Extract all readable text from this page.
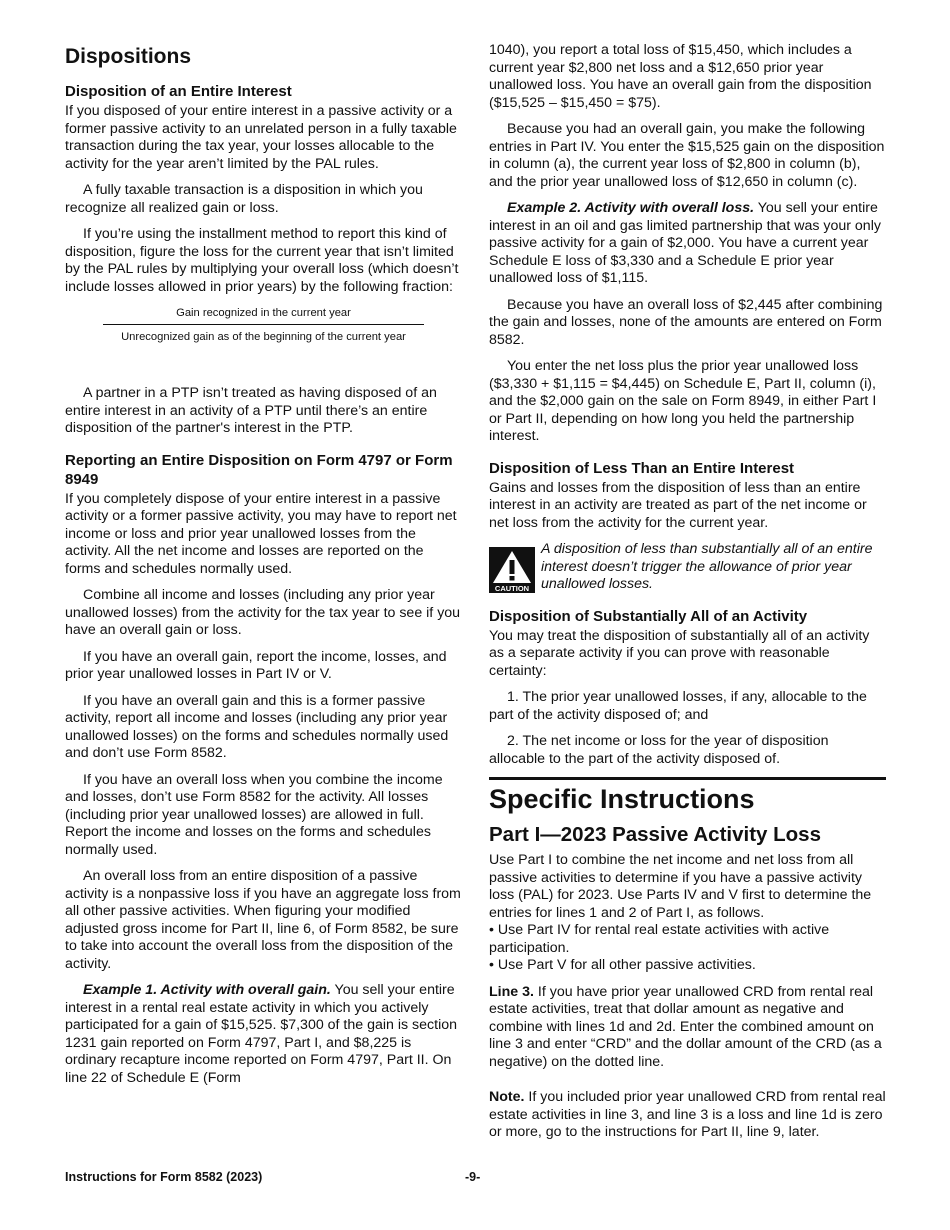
Dispositions
Disposition of an Entire Interest

If you disposed of your entire interest in a passive activity or a former passive activity to an unrelated person in a fully taxable transaction during the tax year, your losses allocable to the activity for the year aren’t limited by the PAL rules.

A fully taxable transaction is a disposition in which you recognize all realized gain or loss.

If you’re using the installment method to report this kind of disposition, figure the loss for the current year that isn’t limited by the PAL rules by multiplying your overall loss (which doesn’t include losses allowed in prior years) by the following fraction:

Gain recognized in the current year
Unrecognized gain as of the beginning of the current year

A partner in a PTP isn’t treated as having disposed of an entire interest in an activity of a PTP until there’s an entire disposition of the partner's interest in the PTP.

Reporting an Entire Disposition on Form 4797 or Form 8949

If you completely dispose of your entire interest in a passive activity or a former passive activity, you may have to report net income or loss and prior year unallowed losses from the activity. All the net income and losses are reported on the forms and schedules normally used.

Combine all income and losses (including any prior year unallowed losses) from the activity for the tax year to see if you have an overall gain or loss.

If you have an overall gain, report the income, losses, and prior year unallowed losses in Part IV or V.

If you have an overall gain and this is a former passive activity, report all income and losses (including any prior year unallowed losses) on the forms and schedules normally used and don’t use Form 8582.

If you have an overall loss when you combine the income and losses, don’t use Form 8582 for the activity. All losses (including prior year unallowed losses) are allowed in full. Report the income and losses on the forms and schedules normally used.

An overall loss from an entire disposition of a passive activity is a nonpassive loss if you have an aggregate loss from all other passive activities. When figuring your modified adjusted gross income for Part II, line 6, of Form 8582, be sure to take into account the overall loss from the disposition of the activity.

Example 1. Activity with overall gain. You sell your entire interest in a rental real estate activity in which you actively participated for a gain of $15,525. $7,300 of the gain is section 1231 gain reported on Form 4797, Part I, and $8,225 is ordinary recapture income reported on Form 4797, Part II. On line 22 of Schedule E (Form

1040), you report a total loss of $15,450, which includes a current year $2,800 net loss and a $12,650 prior year unallowed loss. You have an overall gain from the disposition ($15,525 – $15,450 = $75).

Because you had an overall gain, you make the following entries in Part IV. You enter the $15,525 gain on the disposition in column (a), the current year loss of $2,800 in column (b), and the prior year unallowed loss of $12,650 in column (c).

Example 2. Activity with overall loss. You sell your entire interest in an oil and gas limited partnership that was your only passive activity for a gain of $2,000. You have a current year Schedule E loss of $3,330 and a Schedule E prior year unallowed loss of $1,115.

Because you have an overall loss of $2,445 after combining the gain and losses, none of the amounts are entered on Form 8582.

You enter the net loss plus the prior year unallowed loss ($3,330 + $1,115 = $4,445) on Schedule E, Part II, column (i), and the $2,000 gain on the sale on Form 8949, in either Part I or Part II, depending on how long you held the partnership interest.

Disposition of Less Than an Entire Interest

Gains and losses from the disposition of less than an entire interest in an activity are treated as part of the net income or net loss from the activity for the current year.

CAUTION
A disposition of less than substantially all of an entire interest doesn’t trigger the allowance of prior year unallowed losses.
Disposition of Substantially All of an Activity

You may treat the disposition of substantially all of an activity as a separate activity if you can prove with reasonable certainty:

1. The prior year unallowed losses, if any, allocable to the part of the activity disposed of; and

2. The net income or loss for the year of disposition allocable to the part of the activity disposed of.

Specific Instructions
Part I—2023 Passive Activity Loss

Use Part I to combine the net income and net loss from all passive activities to determine if you have a passive activity loss (PAL) for 2023. Use Parts IV and V first to determine the entries for lines 1 and 2 of Part I, as follows.

• Use Part IV for rental real estate activities with active participation.

• Use Part V for all other passive activities.

Line 3. If you have prior year unallowed CRD from rental real estate activities, treat that dollar amount as negative and combine with lines 1d and 2d. Enter the combined amount on line 3 and enter “CRD” and the dollar amount of the CRD (as a negative) on the dotted line.

Note. If you included prior year unallowed CRD from rental real estate activities in line 3, and line 3 is a loss and line 1d is zero or more, go to the instructions for Part II, line 9, later.

Instructions for Form 8582 (2023)	-9-
